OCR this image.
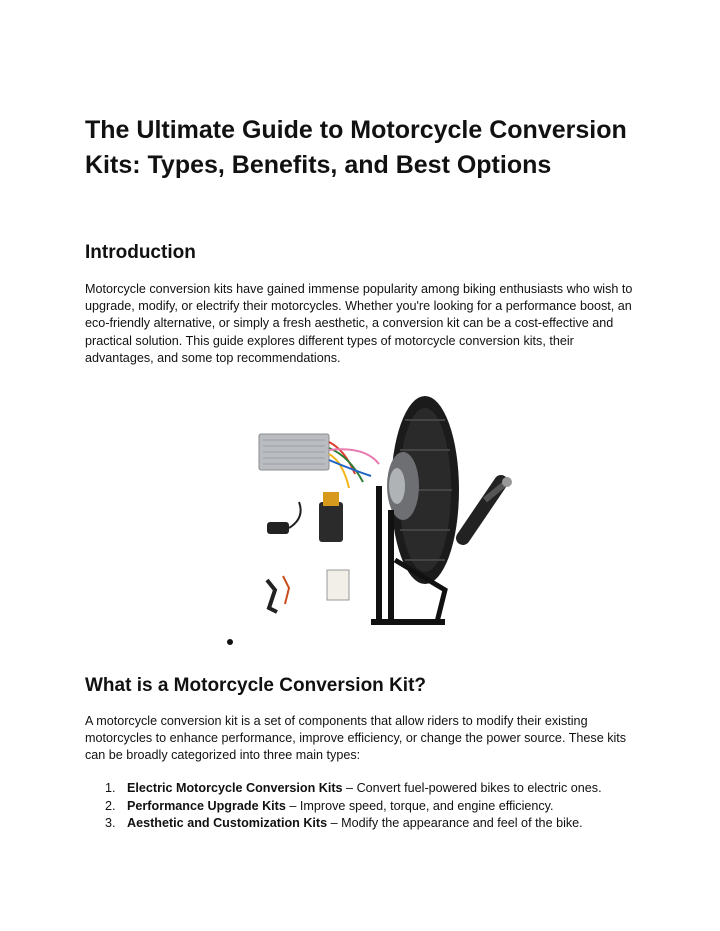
The Ultimate Guide to Motorcycle Conversion Kits: Types, Benefits, and Best Options
Introduction

Motorcycle conversion kits have gained immense popularity among biking enthusiasts who wish to upgrade, modify, or electrify their motorcycles. Whether you're looking for a performance boost, an eco-friendly alternative, or simply a fresh aesthetic, a conversion kit can be a cost-effective and practical solution. This guide explores different types of motorcycle conversion kits, their advantages, and some top recommendations.

What is a Motorcycle Conversion Kit?

A motorcycle conversion kit is a set of components that allow riders to modify their existing motorcycles to enhance performance, improve efficiency, or change the power source. These kits can be broadly categorized into three main types:

1. Electric Motorcycle Conversion Kits – Convert fuel-powered bikes to electric ones.
2. Performance Upgrade Kits – Improve speed, torque, and engine efficiency.
3. Aesthetic and Customization Kits – Modify the appearance and feel of the bike.
